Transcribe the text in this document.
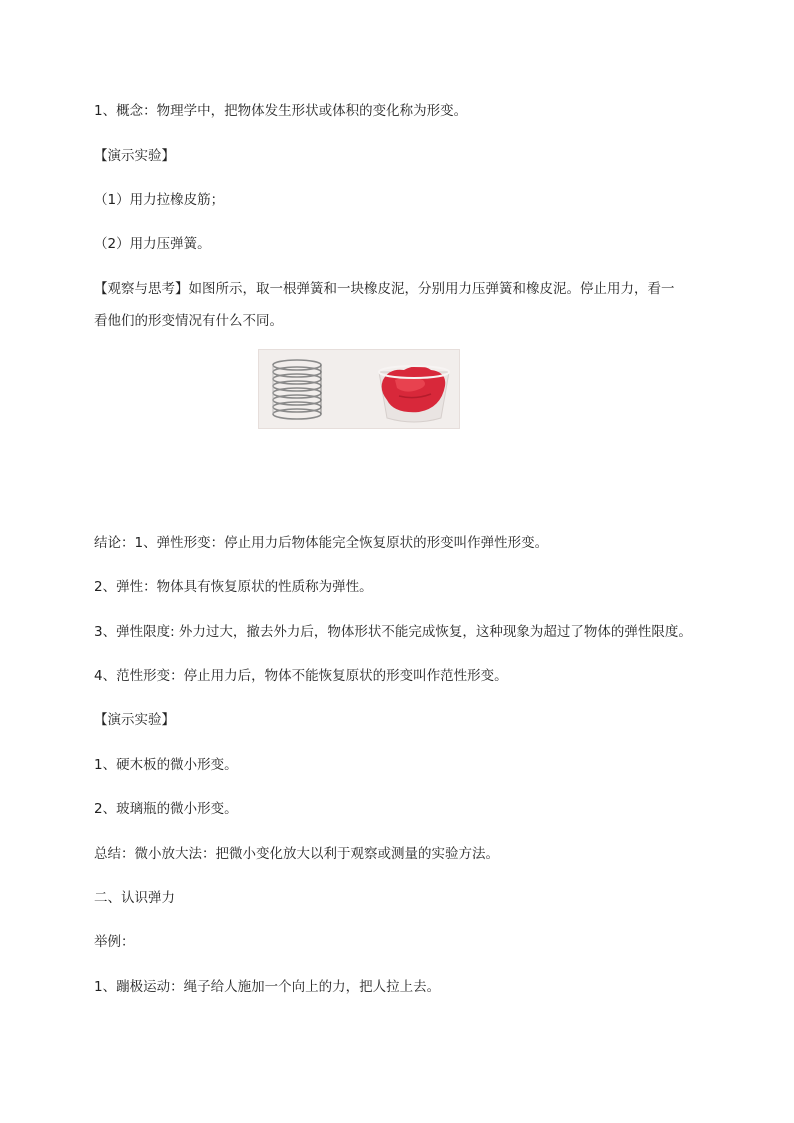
1、概念：物理学中，把物体发生形状或体积的变化称为形变。
【演示实验】
（1）用力拉橡皮筋；
（2）用力压弹簧。
【观察与思考】如图所示，取一根弹簧和一块橡皮泥，分别用力压弹簧和橡皮泥。停止用力，看一
看他们的形变情况有什么不同。
结论：1、弹性形变：停止用力后物体能完全恢复原状的形变叫作弹性形变。
2、弹性：物体具有恢复原状的性质称为弹性。
3、弹性限度: 外力过大，撤去外力后，物体形状不能完成恢复，这种现象为超过了物体的弹性限度。
4、范性形变：停止用力后，物体不能恢复原状的形变叫作范性形变。
【演示实验】
1、硬木板的微小形变。
2、玻璃瓶的微小形变。
总结：微小放大法：把微小变化放大以利于观察或测量的实验方法。
二、认识弹力
举例：
1、蹦极运动：绳子给人施加一个向上的力，把人拉上去。
